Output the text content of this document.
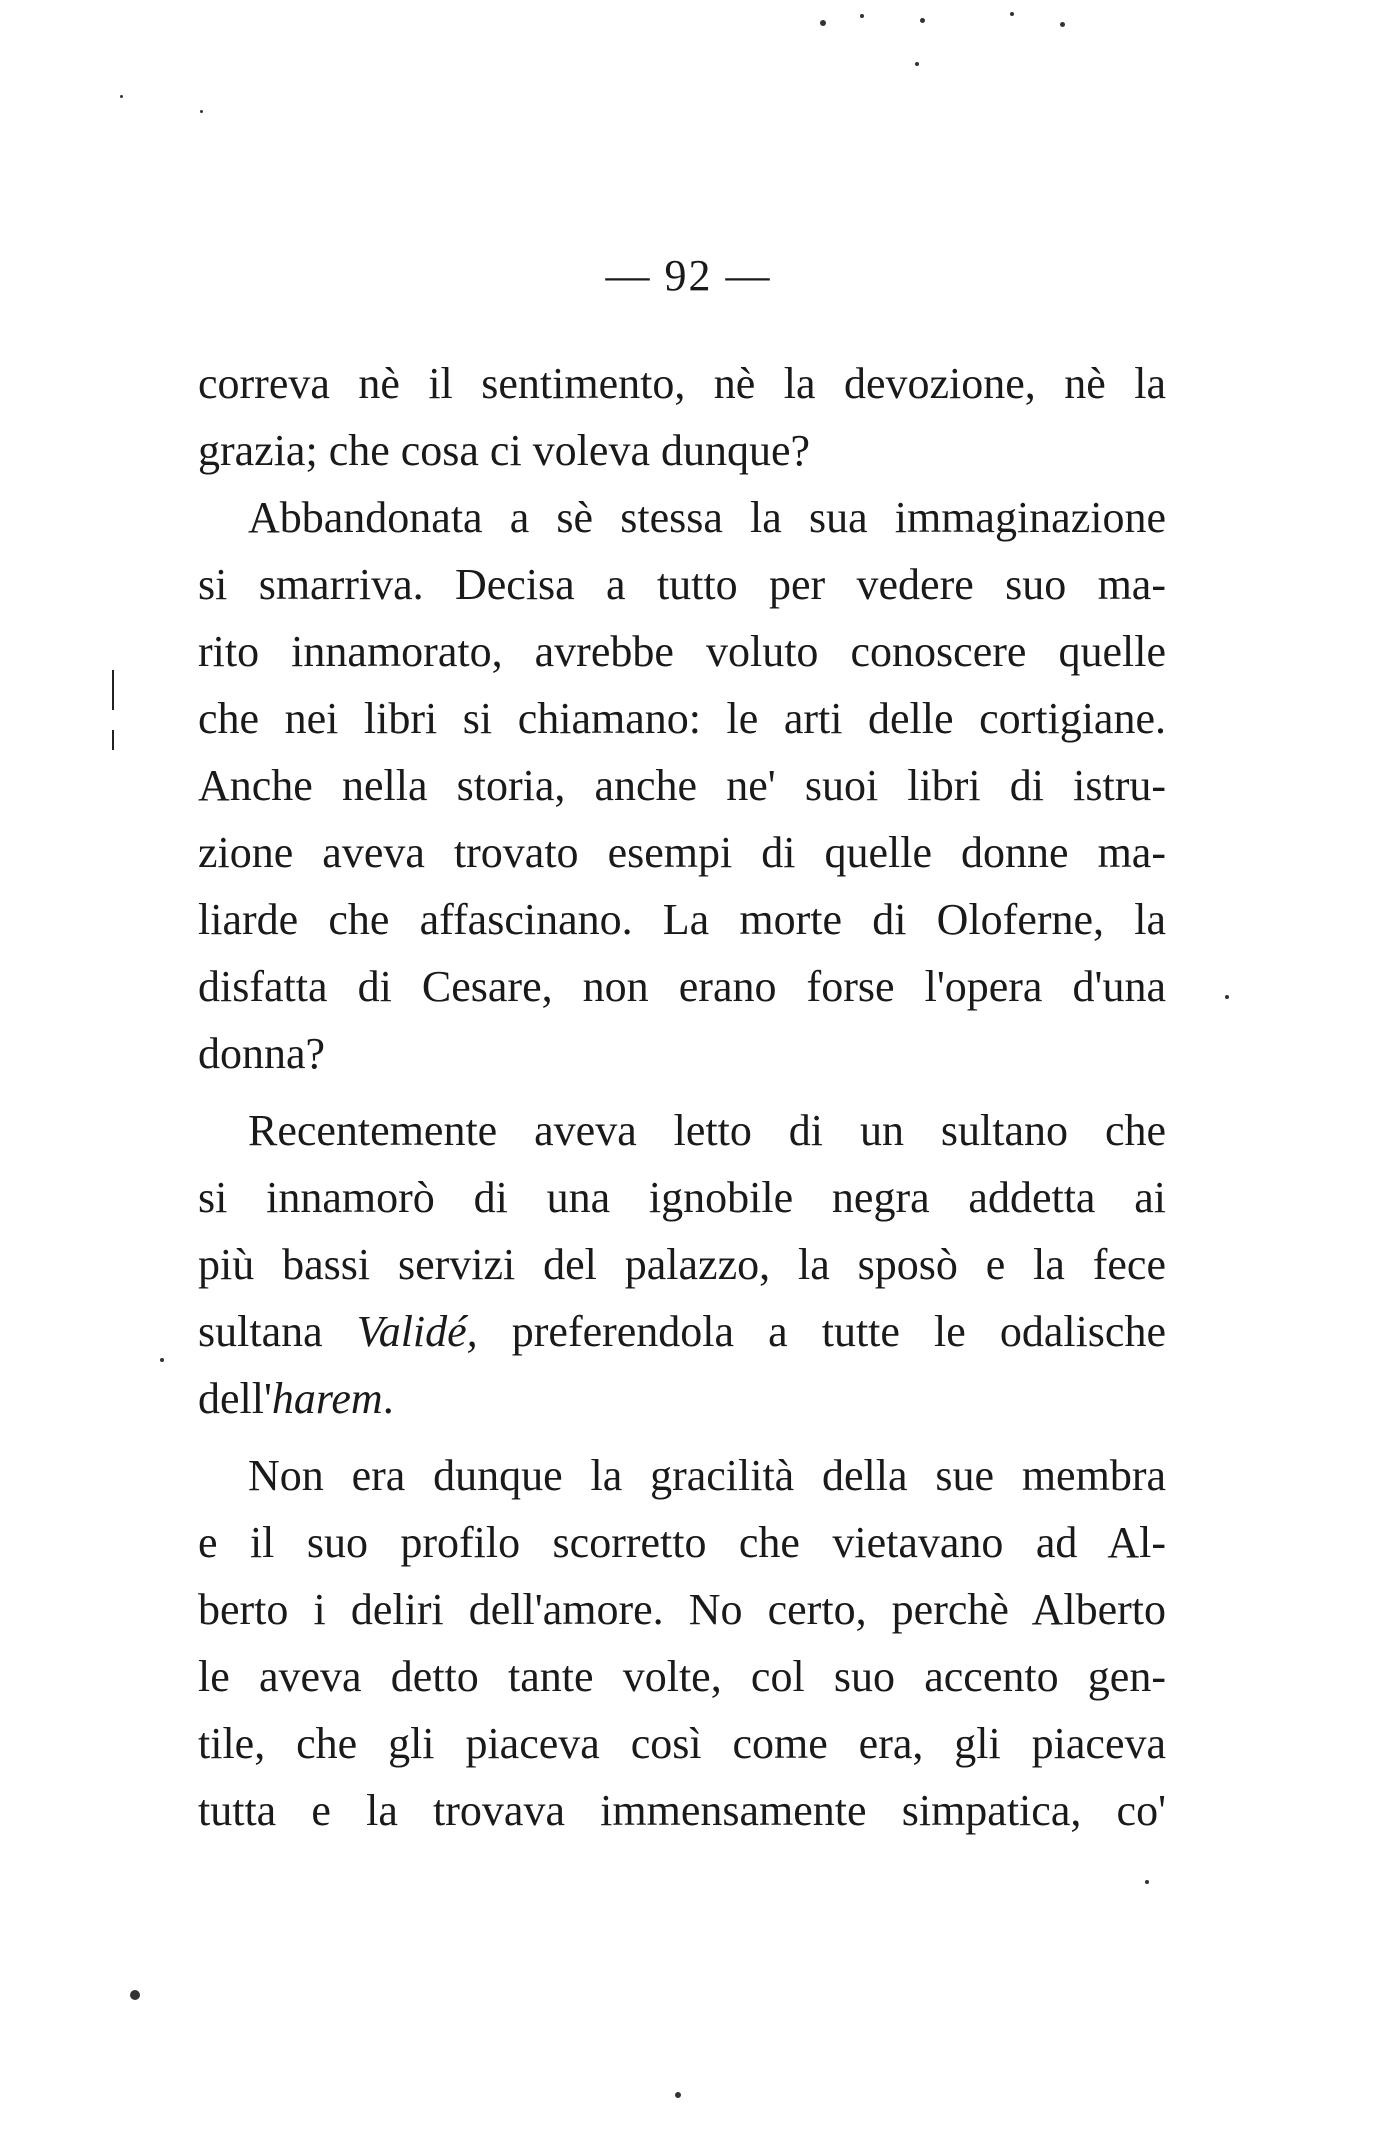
— 92 —
correva nè il sentimento, nè la devozione, nè la
grazia; che cosa ci voleva dunque?
Abbandonata a sè stessa la sua immaginazione
si smarriva. Decisa a tutto per vedere suo ma-
rito innamorato, avrebbe voluto conoscere quelle
che nei libri si chiamano: le arti delle cortigiane.
Anche nella storia, anche ne' suoi libri di istru-
zione aveva trovato esempi di quelle donne ma-
liarde che affascinano. La morte di Oloferne, la
disfatta di Cesare, non erano forse l'opera d'una
donna?
Recentemente aveva letto di un sultano che
si innamorò di una ignobile negra addetta ai
più bassi servizi del palazzo, la sposò e la fece
sultana Validé, preferendola a tutte le odalische
dell'harem.
Non era dunque la gracilità della sue membra
e il suo profilo scorretto che vietavano ad Al-
berto i deliri dell'amore. No certo, perchè Alberto
le aveva detto tante volte, col suo accento gen-
tile, che gli piaceva così come era, gli piaceva
tutta e la trovava immensamente simpatica, co'
